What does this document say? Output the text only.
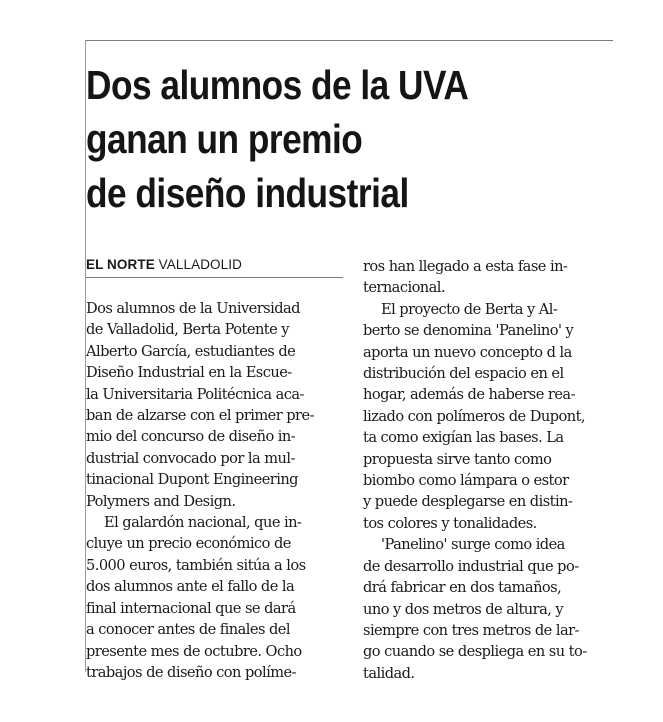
Dos alumnos de la UVA
ganan un premio
de diseño industrial
EL NORTE VALLADOLID

Dos alumnos de la Universidad
de Valladolid, Berta Potente y
Alberto García, estudiantes de
Diseño Industrial en la Escue-
la Universitaria Politécnica aca-
ban de alzarse con el primer pre-
mio del concurso de diseño in-
dustrial convocado por la mul-
tinacional Dupont Engineering
Polymers and Design.

El galardón nacional, que in-
cluye un precio económico de
5.000 euros, también sitúa a los
dos alumnos ante el fallo de la
final internacional que se dará
a conocer antes de finales del
presente mes de octubre. Ocho
trabajos de diseño con políme-

ros han llegado a esta fase in-
ternacional.

El proyecto de Berta y Al-
berto se denomina 'Panelino' y
aporta un nuevo concepto d la
distribución del espacio en el
hogar, además de haberse rea-
lizado con polímeros de Dupont,
ta como exigían las bases. La
propuesta sirve tanto como
biombo como lámpara o estor
y puede desplegarse en distin-
tos colores y tonalidades.

'Panelino' surge como idea
de desarrollo industrial que po-
drá fabricar en dos tamaños,
uno y dos metros de altura, y
siempre con tres metros de lar-
go cuando se despliega en su to-
talidad.
